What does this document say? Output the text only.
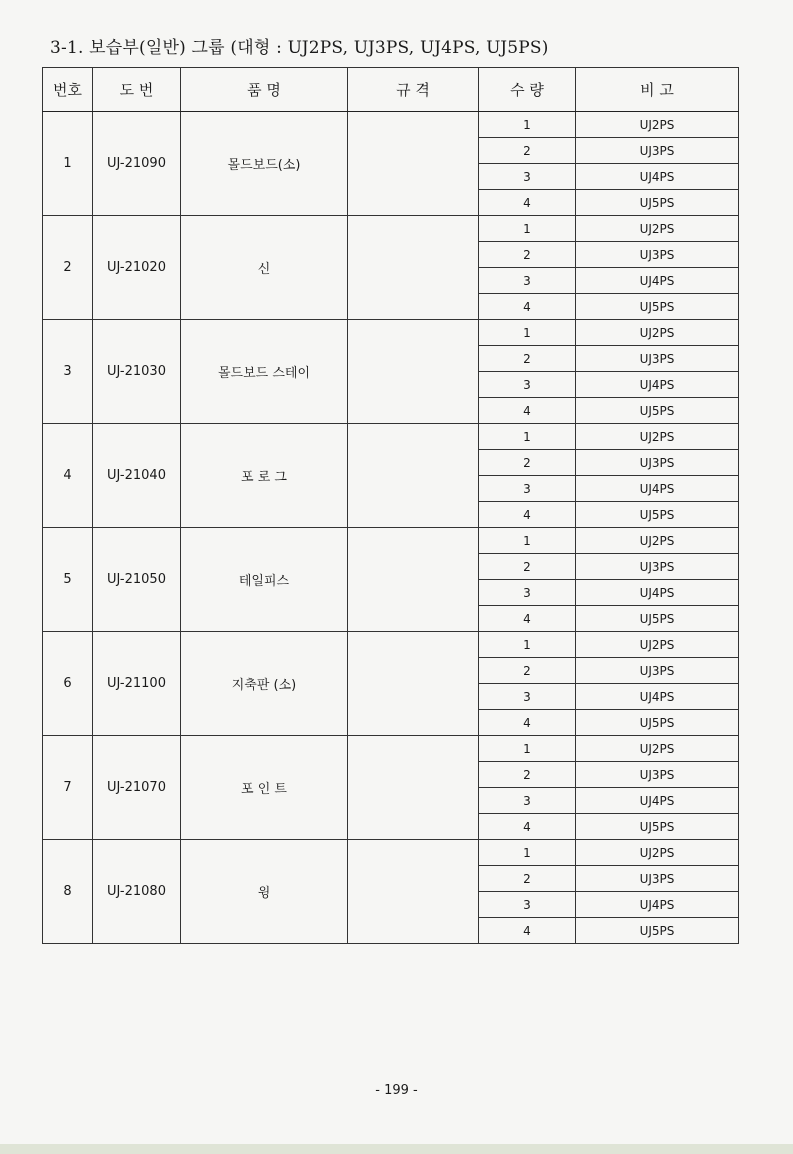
3-1. 보습부(일반) 그룹 (대형 : UJ2PS, UJ3PS, UJ4PS, UJ5PS)
번호	도 번	품 명	규 격	수 량	비 고
1	UJ-21090	몰드보드(소)		1	UJ2PS
				2	UJ3PS
				3	UJ4PS
				4	UJ5PS
2	UJ-21020	신		1	UJ2PS
				2	UJ3PS
				3	UJ4PS
				4	UJ5PS
3	UJ-21030	몰드보드 스테이		1	UJ2PS
				2	UJ3PS
				3	UJ4PS
				4	UJ5PS
4	UJ-21040	포 로 그		1	UJ2PS
				2	UJ3PS
				3	UJ4PS
				4	UJ5PS
5	UJ-21050	테일피스		1	UJ2PS
				2	UJ3PS
				3	UJ4PS
				4	UJ5PS
6	UJ-21100	지축판 (소)		1	UJ2PS
				2	UJ3PS
				3	UJ4PS
				4	UJ5PS
7	UJ-21070	포 인 트		1	UJ2PS
				2	UJ3PS
				3	UJ4PS
				4	UJ5PS
8	UJ-21080	윙		1	UJ2PS
				2	UJ3PS
				3	UJ4PS
				4	UJ5PS
- 199 -
